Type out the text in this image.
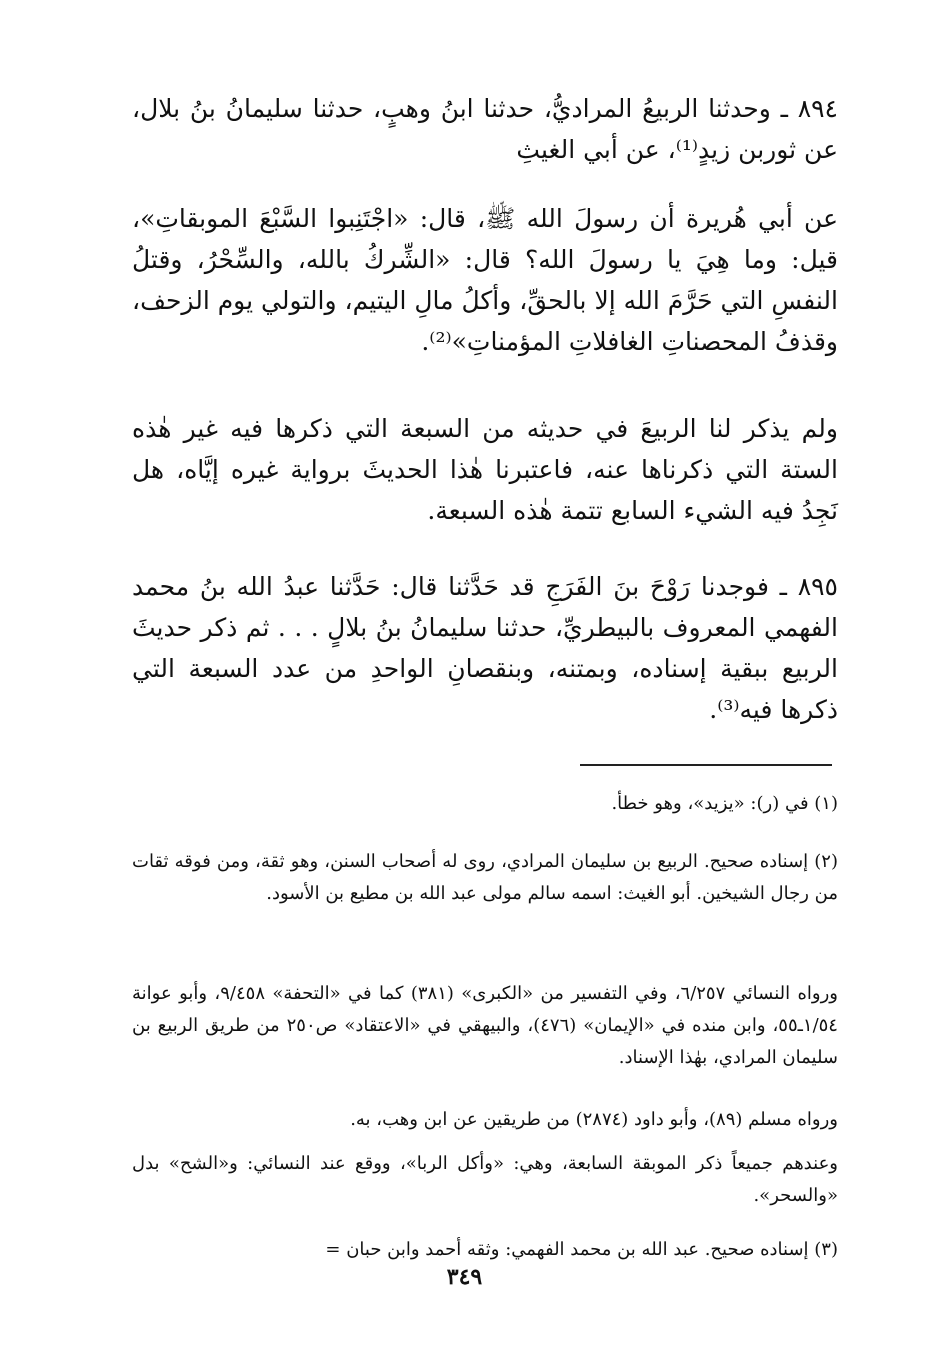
٨٩٤ ـ وحدثنا الربيعُ المراديُّ، حدثنا ابنُ وهبٍ، حدثنا سليمانُ بنُ بلال، عن ثوربن زيدٍ⁽¹⁾، عن أبي الغيثِ

عن أبي هُريرة أن رسولَ الله ﷺ، قال: «اجْتَنِبوا السَّبْعَ الموبقاتِ»، قيل: وما هِيَ يا رسولَ الله؟ قال: «الشِّركُ بالله، والسِّحْرُ، وقتلُ النفسِ التي حَرَّمَ الله إلا بالحقِّ، وأكلُ مالِ اليتيم، والتولي يوم الزحف، وقذفُ المحصناتِ الغافلاتِ المؤمناتِ»⁽²⁾.

ولم يذكر لنا الربيعَ في حديثه من السبعة التي ذكرها فيه غير هٰذه الستة التي ذكرناها عنه، فاعتبرنا هٰذا الحديثَ برواية غيره إيَّاه، هل نَجِدُ فيه الشيء السابع تتمة هٰذه السبعة.

٨٩٥ ـ فوجدنا رَوْحَ بنَ الفَرَجِ قد حَدَّثنا قال: حَدَّثنا عبدُ الله بنُ محمد الفهمي المعروف بالبيطريِّ، حدثنا سليمانُ بنُ بلالٍ . . . ثم ذكر حديثَ الربيع ببقية إسناده، وبمتنه، وبنقصانِ الواحدِ من عدد السبعة التي ذكرها فيه⁽³⁾.

(١) في (ر): «يزيد»، وهو خطأ.

(٢) إسناده صحيح. الربيع بن سليمان المرادي، روى له أصحاب السنن، وهو ثقة، ومن فوقه ثقات من رجال الشيخين. أبو الغيث: اسمه سالم مولى عبد الله بن مطيع بن الأسود.

ورواه النسائي ٦/٢٥٧، وفي التفسير من «الكبرى» (٣٨١) كما في «التحفة» ٩/٤٥٨، وأبو عوانة ١/٥٤ـ٥٥، وابن منده في «الإيمان» (٤٧٦)، والبيهقي في «الاعتقاد» ص٢٥٠ من طريق الربيع بن سليمان المرادي، بهٰذا الإسناد.

ورواه مسلم (٨٩)، وأبو داود (٢٨٧٤) من طريقين عن ابن وهب، به.

وعندهم جميعاً ذكر الموبقة السابعة، وهي: «وأكل الربا»، ووقع عند النسائي: و«الشح» بدل «والسحر».

(٣) إسناده صحيح. عبد الله بن محمد الفهمي: وثقه أحمد وابن حبان =

٣٤٩
